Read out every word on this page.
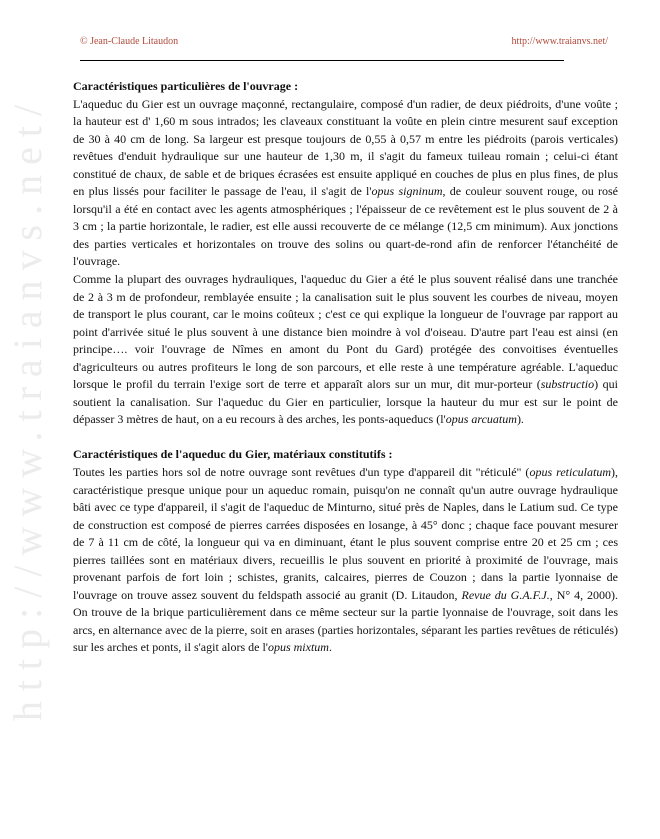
http://www.traianvs.net/
© Jean-Claude Litaudon	http://www.traianvs.net/
Caractéristiques particulières de l'ouvrage :

L'aqueduc du Gier est un ouvrage maçonné, rectangulaire, composé d'un radier, de deux piédroits, d'une voûte ; la hauteur est d' 1,60 m sous intrados; les claveaux constituant la voûte en plein cintre mesurent sauf exception de 30 à 40 cm de long. Sa largeur est presque toujours de 0,55 à 0,57 m entre les piédroits (parois verticales) revêtues d'enduit hydraulique sur une hauteur de 1,30 m, il s'agit du fameux tuileau romain ; celui-ci étant constitué de chaux, de sable et de briques écrasées est ensuite appliqué en couches de plus en plus fines, de plus en plus lissés pour faciliter le passage de l'eau, il s'agit de l'opus signinum, de couleur souvent rouge, ou rosé lorsqu'il a été en contact avec les agents atmosphériques ; l'épaisseur de ce revêtement est le plus souvent de 2 à 3 cm ; la partie horizontale, le radier, est elle aussi recouverte de ce mélange (12,5 cm minimum). Aux jonctions des parties verticales et horizontales on trouve des solins ou quart-de-rond afin de renforcer l'étanchéité de l'ouvrage.

Comme la plupart des ouvrages hydrauliques, l'aqueduc du Gier a été le plus souvent réalisé dans une tranchée de 2 à 3 m de profondeur, remblayée ensuite ; la canalisation suit le plus souvent les courbes de niveau, moyen de transport le plus courant, car le moins coûteux ; c'est ce qui explique la longueur de l'ouvrage par rapport au point d'arrivée situé le plus souvent à une distance bien moindre à vol d'oiseau. D'autre part l'eau est ainsi (en principe…. voir l'ouvrage de Nîmes en amont du Pont du Gard) protégée des convoitises éventuelles d'agriculteurs ou autres profiteurs le long de son parcours, et elle reste à une température agréable. L'aqueduc lorsque le profil du terrain l'exige sort de terre et apparaît alors sur un mur, dit mur-porteur (substructio) qui soutient la canalisation. Sur l'aqueduc du Gier en particulier, lorsque la hauteur du mur est sur le point de dépasser 3 mètres de haut, on a eu recours à des arches, les ponts-aqueducs (l'opus arcuatum).

Caractéristiques de l'aqueduc du Gier, matériaux constitutifs :

Toutes les parties hors sol de notre ouvrage sont revêtues d'un type d'appareil dit "réticulé" (opus reticulatum), caractéristique presque unique pour un aqueduc romain, puisqu'on ne connaît qu'un autre ouvrage hydraulique bâti avec ce type d'appareil, il s'agit de l'aqueduc de Minturno, situé près de Naples, dans le Latium sud. Ce type de construction est composé de pierres carrées disposées en losange, à 45° donc ; chaque face pouvant mesurer de 7 à 11 cm de côté, la longueur qui va en diminuant, étant le plus souvent comprise entre 20 et 25 cm ; ces pierres taillées sont en matériaux divers, recueillis le plus souvent en priorité à proximité de l'ouvrage, mais provenant parfois de fort loin ; schistes, granits, calcaires, pierres de Couzon ; dans la partie lyonnaise de l'ouvrage on trouve assez souvent du feldspath associé au granit (D. Litaudon, Revue du G.A.F.J., N° 4, 2000). On trouve de la brique particulièrement dans ce même secteur sur la partie lyonnaise de l'ouvrage, soit dans les arcs, en alternance avec de la pierre, soit en arases (parties horizontales, séparant les parties revêtues de réticulés) sur les arches et ponts, il s'agit alors de l'opus mixtum.
